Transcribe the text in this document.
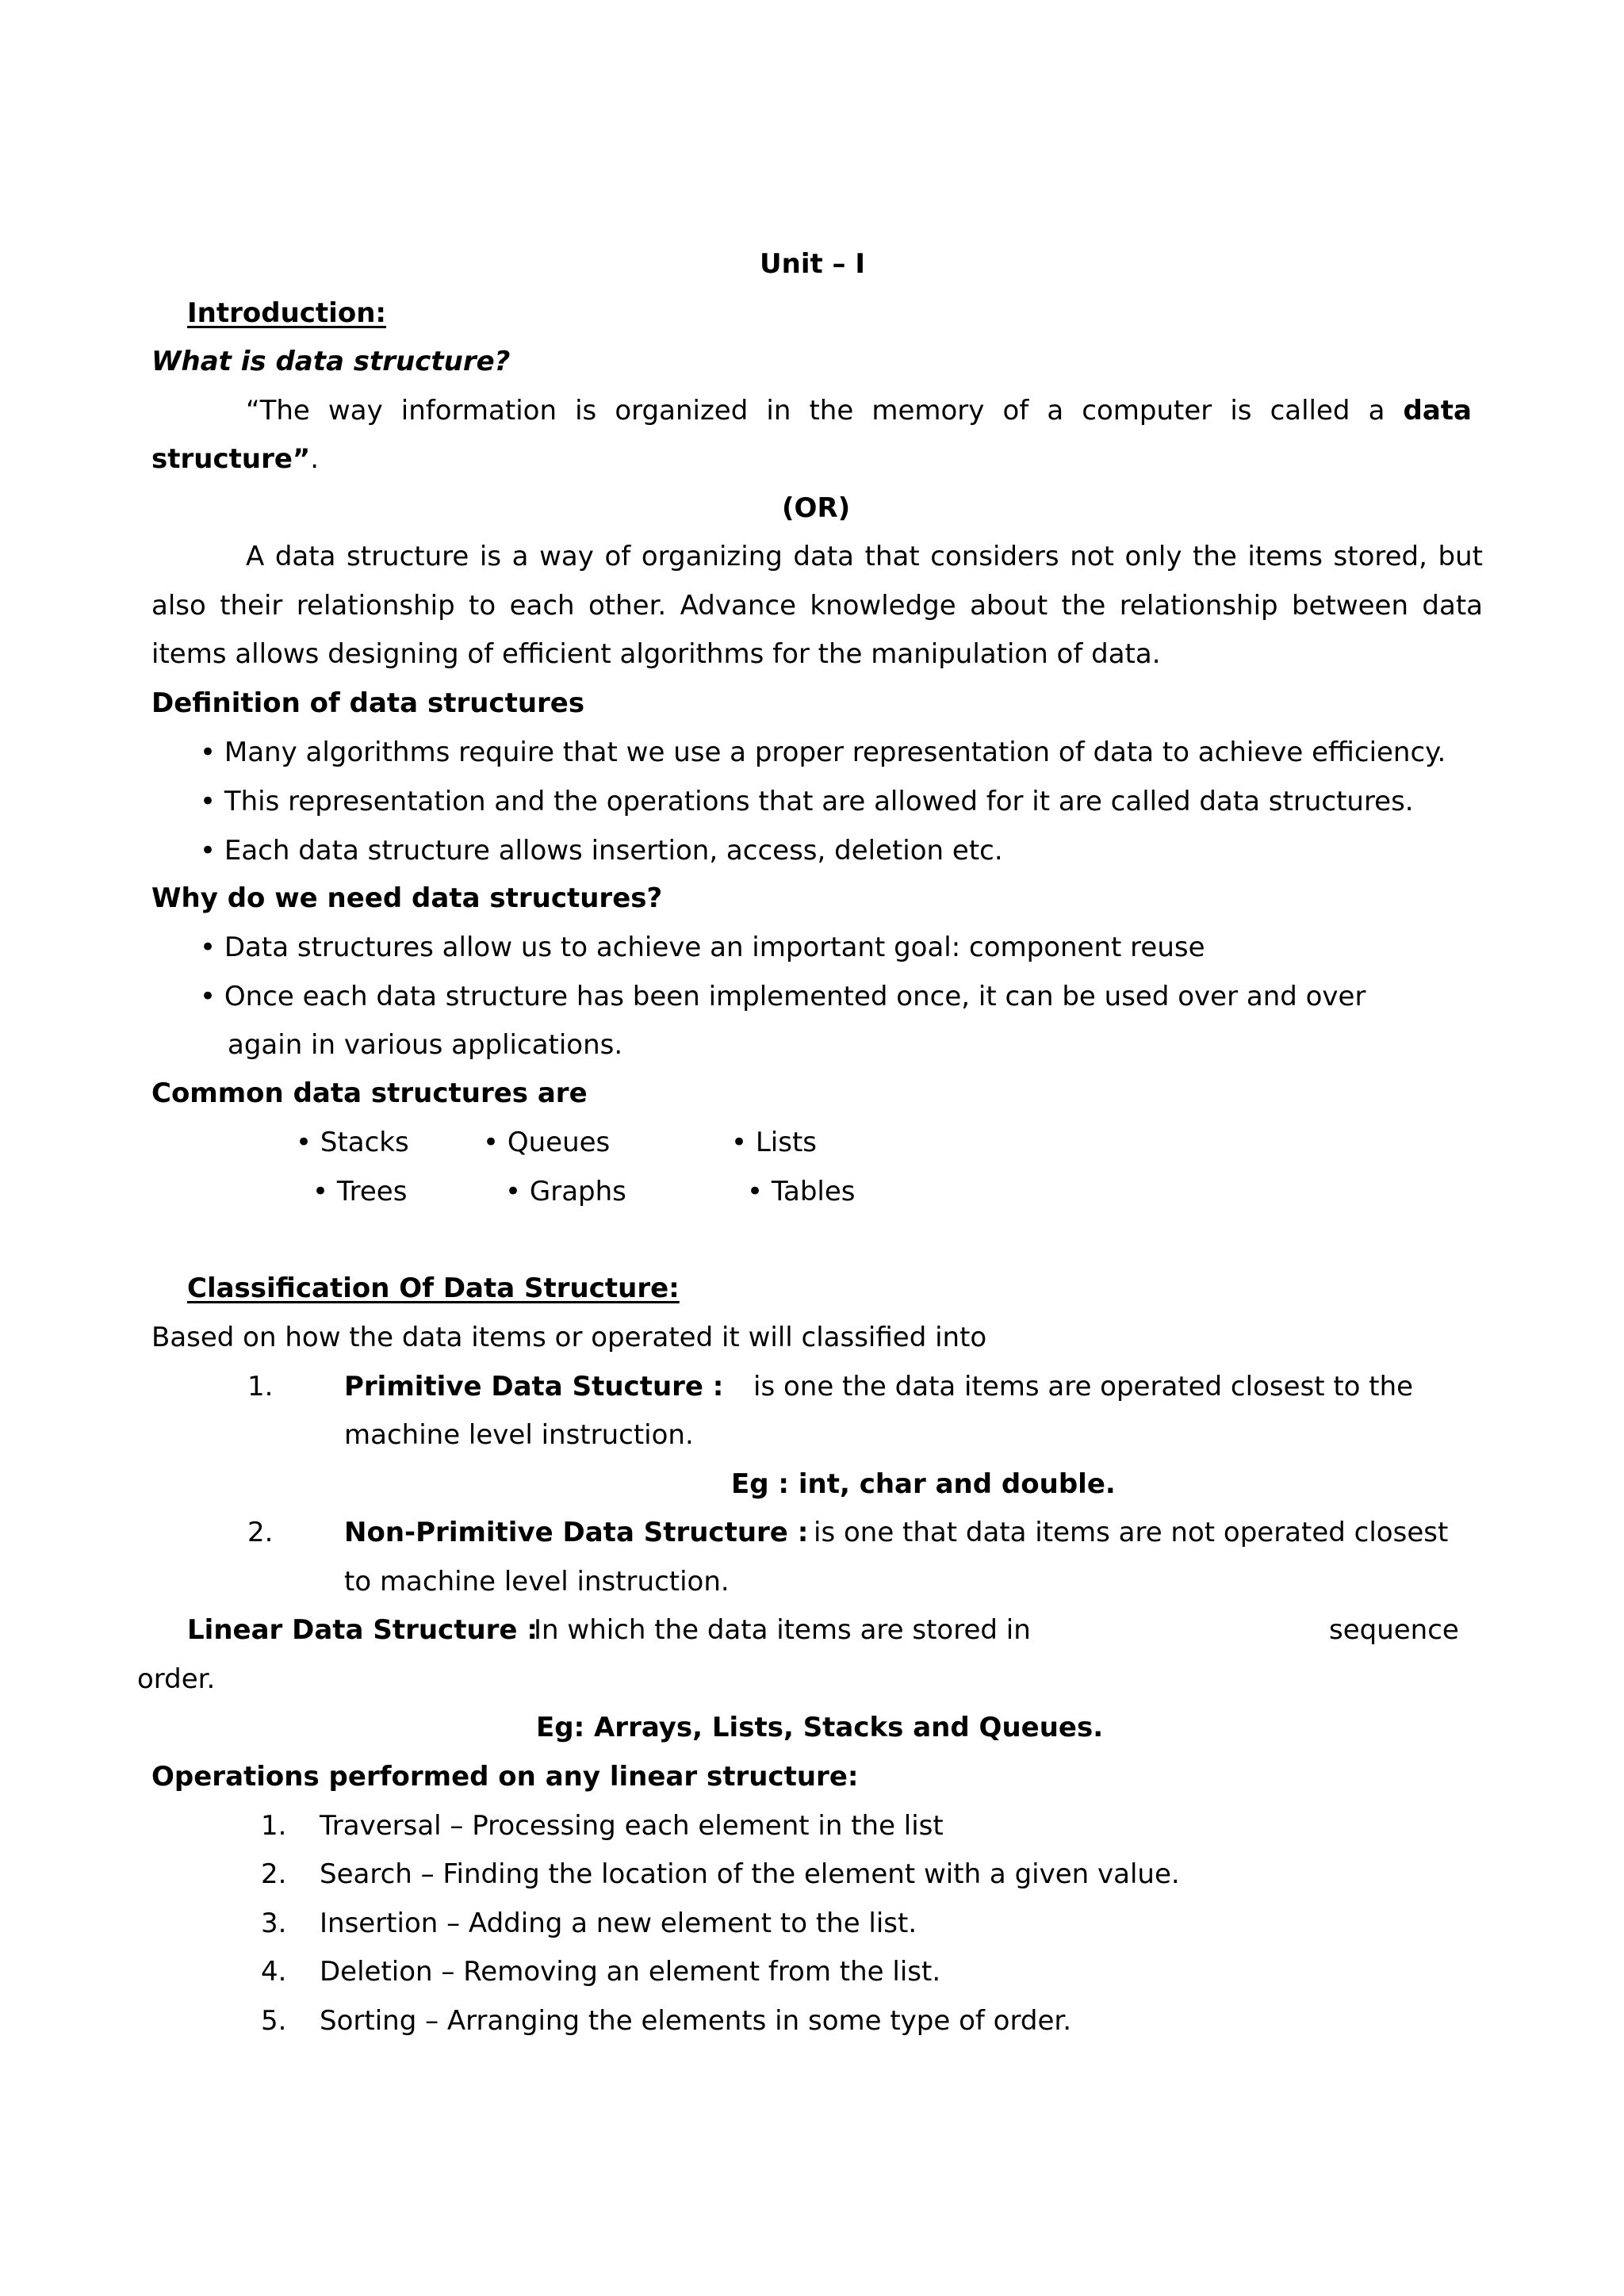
Unit – I
Introduction:
What is data structure?
“The way information is organized in the memory of a computer is called a data
structure”.
(OR)
A data structure is a way of organizing data that considers not only the items stored, but
also their relationship to each other. Advance knowledge about the relationship between data
items allows designing of efficient algorithms for the manipulation of data.
Definition of data structures
• Many algorithms require that we use a proper representation of data to achieve efficiency.
• This representation and the operations that are allowed for it are called data structures.
• Each data structure allows insertion, access, deletion etc.
Why do we need data structures?
• Data structures allow us to achieve an important goal: component reuse
• Once each data structure has been implemented once, it can be used over and over
again in various applications.
Common data structures are
• Stacks	• Queues	• Lists
• Trees	• Graphs	• Tables
Classification Of Data Structure:
Based on how the data items or operated it will classified into
1.	Primitive Data Stucture : is one the data items are operated closest to the
machine level instruction.
Eg : int, char and double.
2.	Non-Primitive Data Structure : is one that data items are not operated closest
to machine level instruction.
Linear Data Structure :
In which the data items are stored in	sequence
order.
Eg: Arrays, Lists, Stacks and Queues.
Operations performed on any linear structure:
1. Traversal – Processing each element in the list
2. Search – Finding the location of the element with a given value.
3. Insertion – Adding a new element to the list.
4. Deletion – Removing an element from the list.
5. Sorting – Arranging the elements in some type of order.
